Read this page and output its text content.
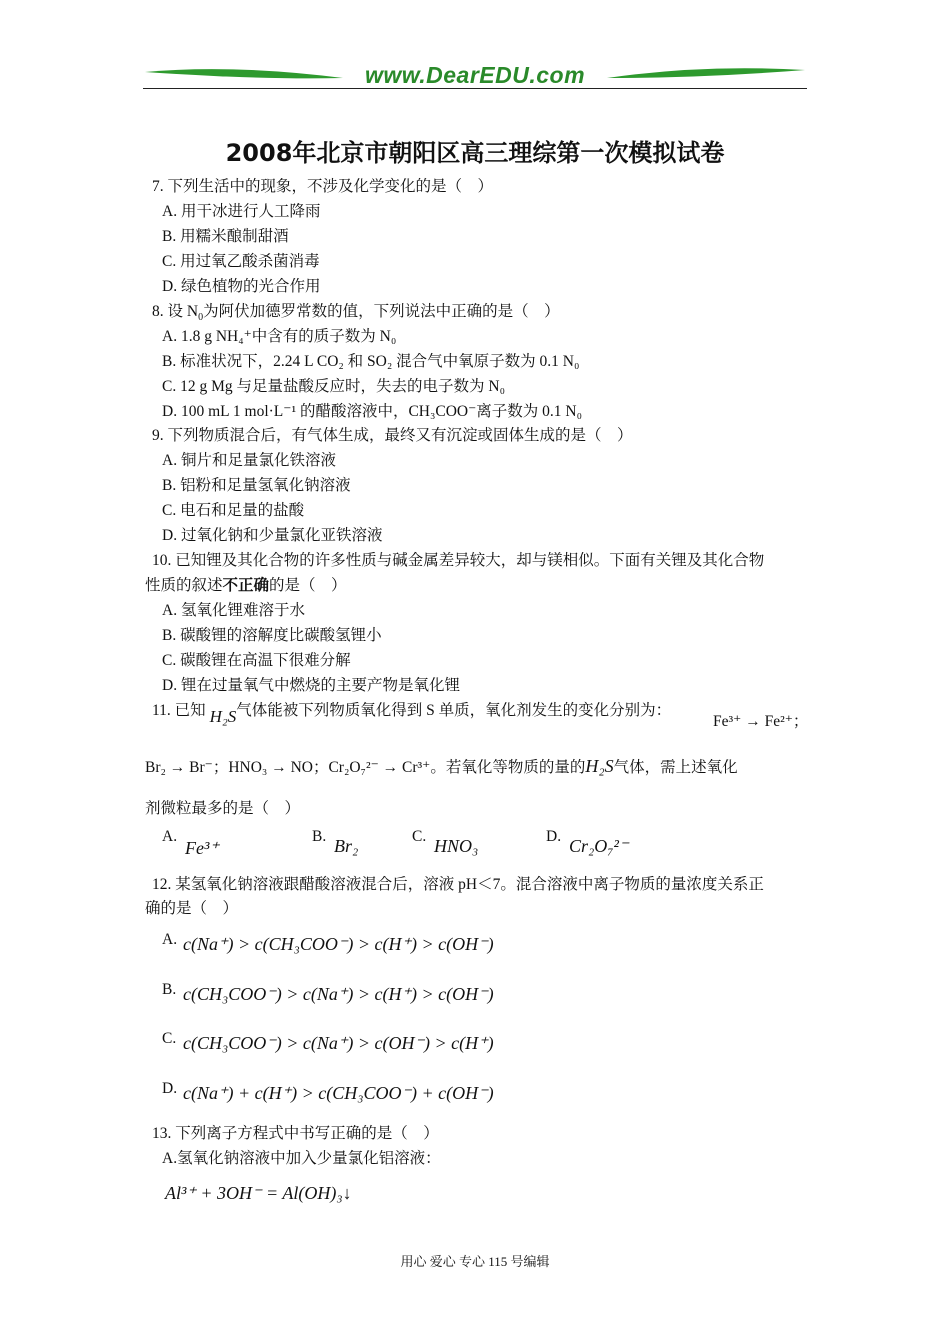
www.DearEDU.com
2008年北京市朝阳区高三理综第一次模拟试卷
7. 下列生活中的现象，不涉及化学变化的是（　）
A. 用干冰进行人工降雨
B. 用糯米酿制甜酒
C. 用过氧乙酸杀菌消毒
D. 绿色植物的光合作用
8. 设 $N_0$为阿伏加德罗常数的值，下列说法中正确的是（　）
A. 1.8 g NH₄⁺中含有的质子数为 N₀
B. 标准状况下，2.24 L CO₂ 和 SO₂ 混合气中氧原子数为 0.1 N₀
C. 12 g Mg 与足量盐酸反应时，失去的电子数为 N₀
D. 100 mL 1 mol·L⁻¹ 的醋酸溶液中，CH₃COO⁻离子数为 0.1 N₀
9. 下列物质混合后，有气体生成，最终又有沉淀或固体生成的是（　）
A. 铜片和足量氯化铁溶液
B. 铝粉和足量氢氧化钠溶液
C. 电石和足量的盐酸
D. 过氧化钠和少量氯化亚铁溶液
10. 已知锂及其化合物的许多性质与碱金属差异较大，却与镁相似。下面有关锂及其化合物
性质的叙述不正确的是（　）
A. 氢氧化锂难溶于水
B. 碳酸锂的溶解度比碳酸氢锂小
C. 碳酸锂在高温下很难分解
D. 锂在过量氧气中燃烧的主要产物是氧化锂
11. 已知 H₂S气体能被下列物质氧化得到 S 单质，氧化剂发生的变化分别为：
Fe³⁺ → Fe²⁺；
Br₂ → Br⁻；HNO₃ → NO；Cr₂O₇²⁻ → Cr³⁺。若氧化等物质的量的H₂S气体，需上述氧化
剂微粒最多的是（　）
A.
Fe³⁺
B. Br₂	C. HNO₃	D. Cr₂O₇²⁻
12. 某氢氧化钠溶液跟醋酸溶液混合后，溶液 pH＜7。混合溶液中离子物质的量浓度关系正
确的是（　）
A. c(Na⁺) > c(CH₃COO⁻) > c(H⁺) > c(OH⁻)
B. c(CH₃COO⁻) > c(Na⁺) > c(H⁺) > c(OH⁻)
C. c(CH₃COO⁻) > c(Na⁺) > c(OH⁻) > c(H⁺)
D. c(Na⁺) + c(H⁺) > c(CH₃COO⁻) + c(OH⁻)
13. 下列离子方程式中书写正确的是（　）
A.氢氧化钠溶液中加入少量氯化铝溶液：
Al³⁺ + 3OH⁻ = Al(OH)₃↓
用心 爱心 专心 115 号编辑
